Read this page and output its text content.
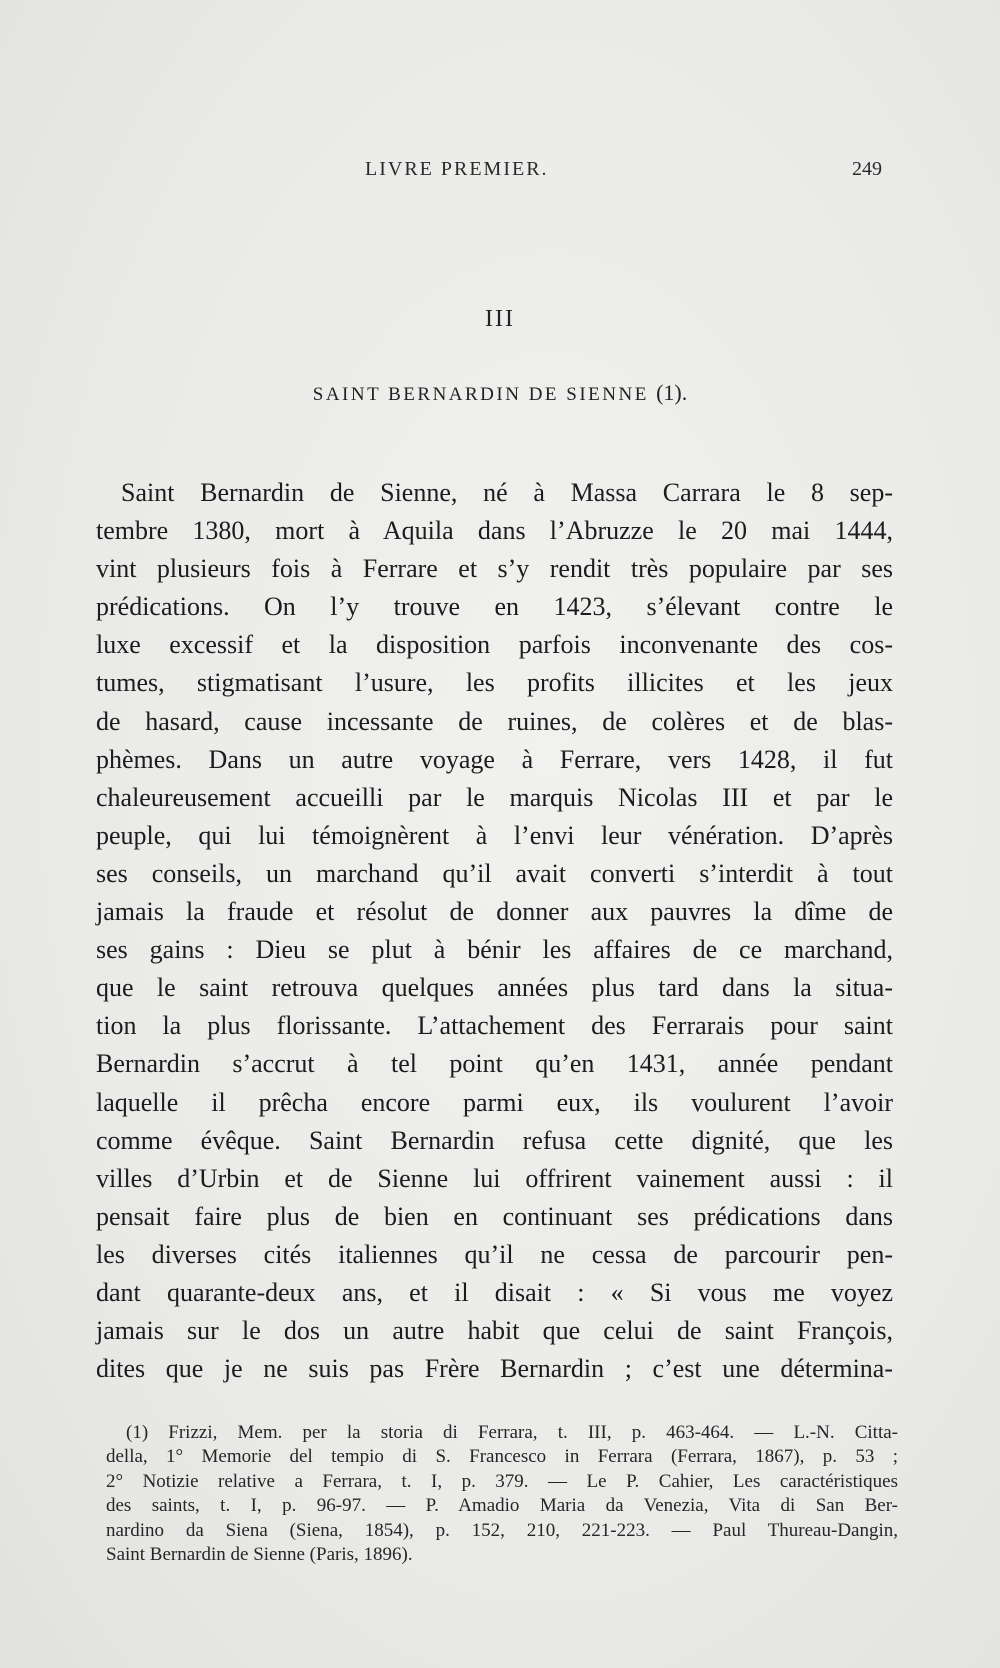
LIVRE PREMIER.	249
III
SAINT BERNARDIN DE SIENNE (1).
Saint Bernardin de Sienne, né à Massa Carrara le 8 sep-
tembre 1380, mort à Aquila dans l’Abruzze le 20 mai 1444,
vint plusieurs fois à Ferrare et s’y rendit très populaire par ses
prédications. On l’y trouve en 1423, s’élevant contre le
luxe excessif et la disposition parfois inconvenante des cos-
tumes, stigmatisant l’usure, les profits illicites et les jeux
de hasard, cause incessante de ruines, de colères et de blas-
phèmes. Dans un autre voyage à Ferrare, vers 1428, il fut
chaleureusement accueilli par le marquis Nicolas III et par le
peuple, qui lui témoignèrent à l’envi leur vénération. D’après
ses conseils, un marchand qu’il avait converti s’interdit à tout
jamais la fraude et résolut de donner aux pauvres la dîme de
ses gains : Dieu se plut à bénir les affaires de ce marchand,
que le saint retrouva quelques années plus tard dans la situa-
tion la plus florissante. L’attachement des Ferrarais pour saint
Bernardin s’accrut à tel point qu’en 1431, année pendant
laquelle il prêcha encore parmi eux, ils voulurent l’avoir
comme évêque. Saint Bernardin refusa cette dignité, que les
villes d’Urbin et de Sienne lui offrirent vainement aussi : il
pensait faire plus de bien en continuant ses prédications dans
les diverses cités italiennes qu’il ne cessa de parcourir pen-
dant quarante-deux ans, et il disait : « Si vous me voyez
jamais sur le dos un autre habit que celui de saint François,
dites que je ne suis pas Frère Bernardin ; c’est une détermina-
(1) Frizzi, Mem. per la storia di Ferrara, t. III, p. 463-464. — L.-N. Citta-
della, 1° Memorie del tempio di S. Francesco in Ferrara (Ferrara, 1867), p. 53 ;
2° Notizie relative a Ferrara, t. I, p. 379. — Le P. Cahier, Les caractéristiques
des saints, t. I, p. 96-97. — P. Amadio Maria da Venezia, Vita di San Ber-
nardino da Siena (Siena, 1854), p. 152, 210, 221-223. — Paul Thureau-Dangin,
Saint Bernardin de Sienne (Paris, 1896).
